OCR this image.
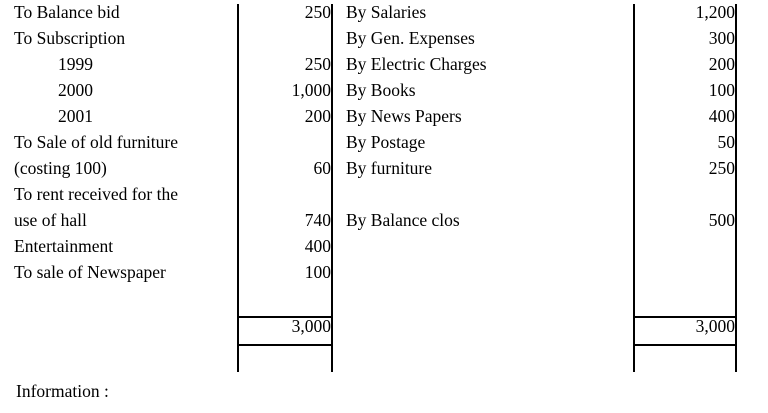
To Balance bid	250		By Salaries	1,200
To Subscription			By Gen. Expenses	300
1999	250		By Electric Charges	200
2000	1,000		By Books	100
2001	200		By News Papers	400
To Sale of old furniture			By Postage	50
(costing 100)	60		By furniture	250
To rent received for the				
use of hall	740		By Balance clos	500
Entertainment	400			
To sale of Newspaper	100			

	3,000			3,000

Information :
